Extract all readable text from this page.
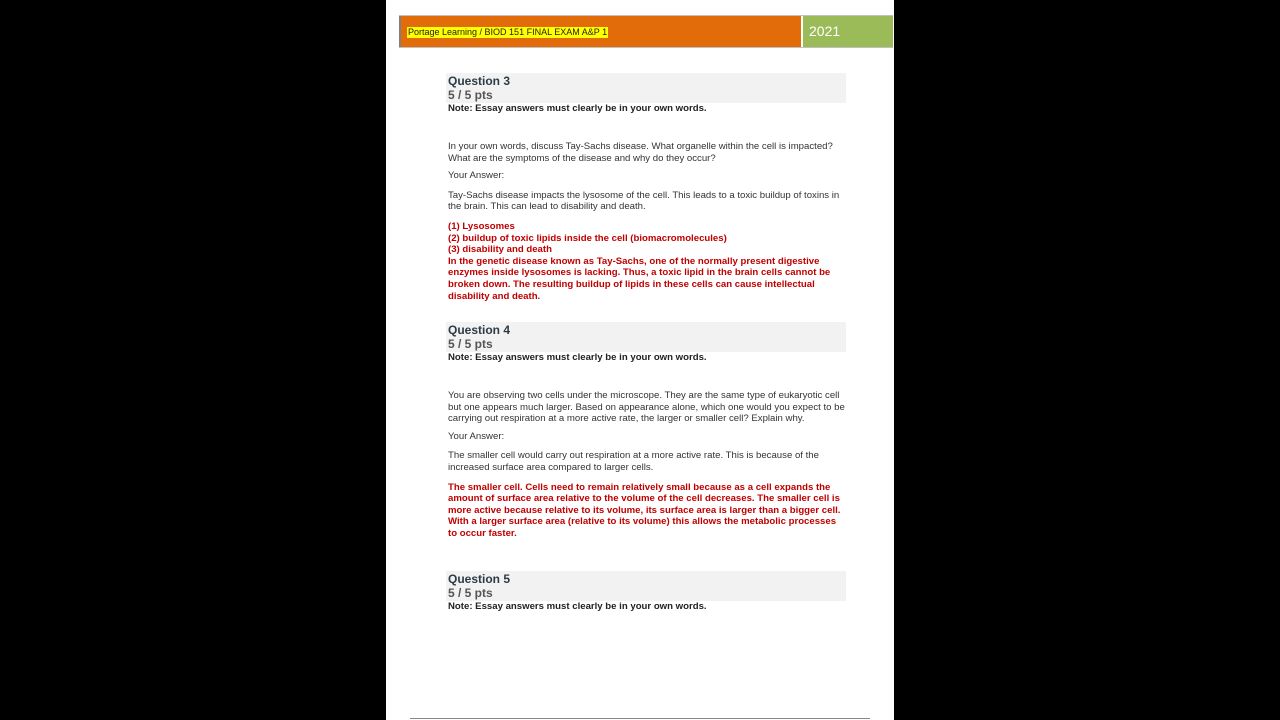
Portage Learning / BIOD 151 FINAL EXAM A&P 1	2021
Question 3
5 / 5 pts
Note: Essay answers must clearly be in your own words.
In your own words, discuss Tay-Sachs disease. What organelle within the cell is impacted? What are the symptoms of the disease and why do they occur?
Your Answer:
Tay-Sachs disease impacts the lysosome of the cell. This leads to a toxic buildup of toxins in the brain. This can lead to disability and death.

(1) Lysosomes

(2) buildup of toxic lipids inside the cell (biomacromolecules)

(3) disability and death

In the genetic disease known as Tay-Sachs, one of the normally present digestive enzymes inside lysosomes is lacking. Thus, a toxic lipid in the brain cells cannot be broken down. The resulting buildup of lipids in these cells can cause intellectual disability and death.

Question 4
5 / 5 pts
Note: Essay answers must clearly be in your own words.
You are observing two cells under the microscope. They are the same type of eukaryotic cell but one appears much larger. Based on appearance alone, which one would you expect to be carrying out respiration at a more active rate, the larger or smaller cell? Explain why.
Your Answer:
The smaller cell would carry out respiration at a more active rate. This is because of the increased surface area compared to larger cells.

The smaller cell. Cells need to remain relatively small because as a cell expands the amount of surface area relative to the volume of the cell decreases. The smaller cell is more active because relative to its volume, its surface area is larger than a bigger cell. With a larger surface area (relative to its volume) this allows the metabolic processes to occur faster.

Question 5
5 / 5 pts
Note: Essay answers must clearly be in your own words.
